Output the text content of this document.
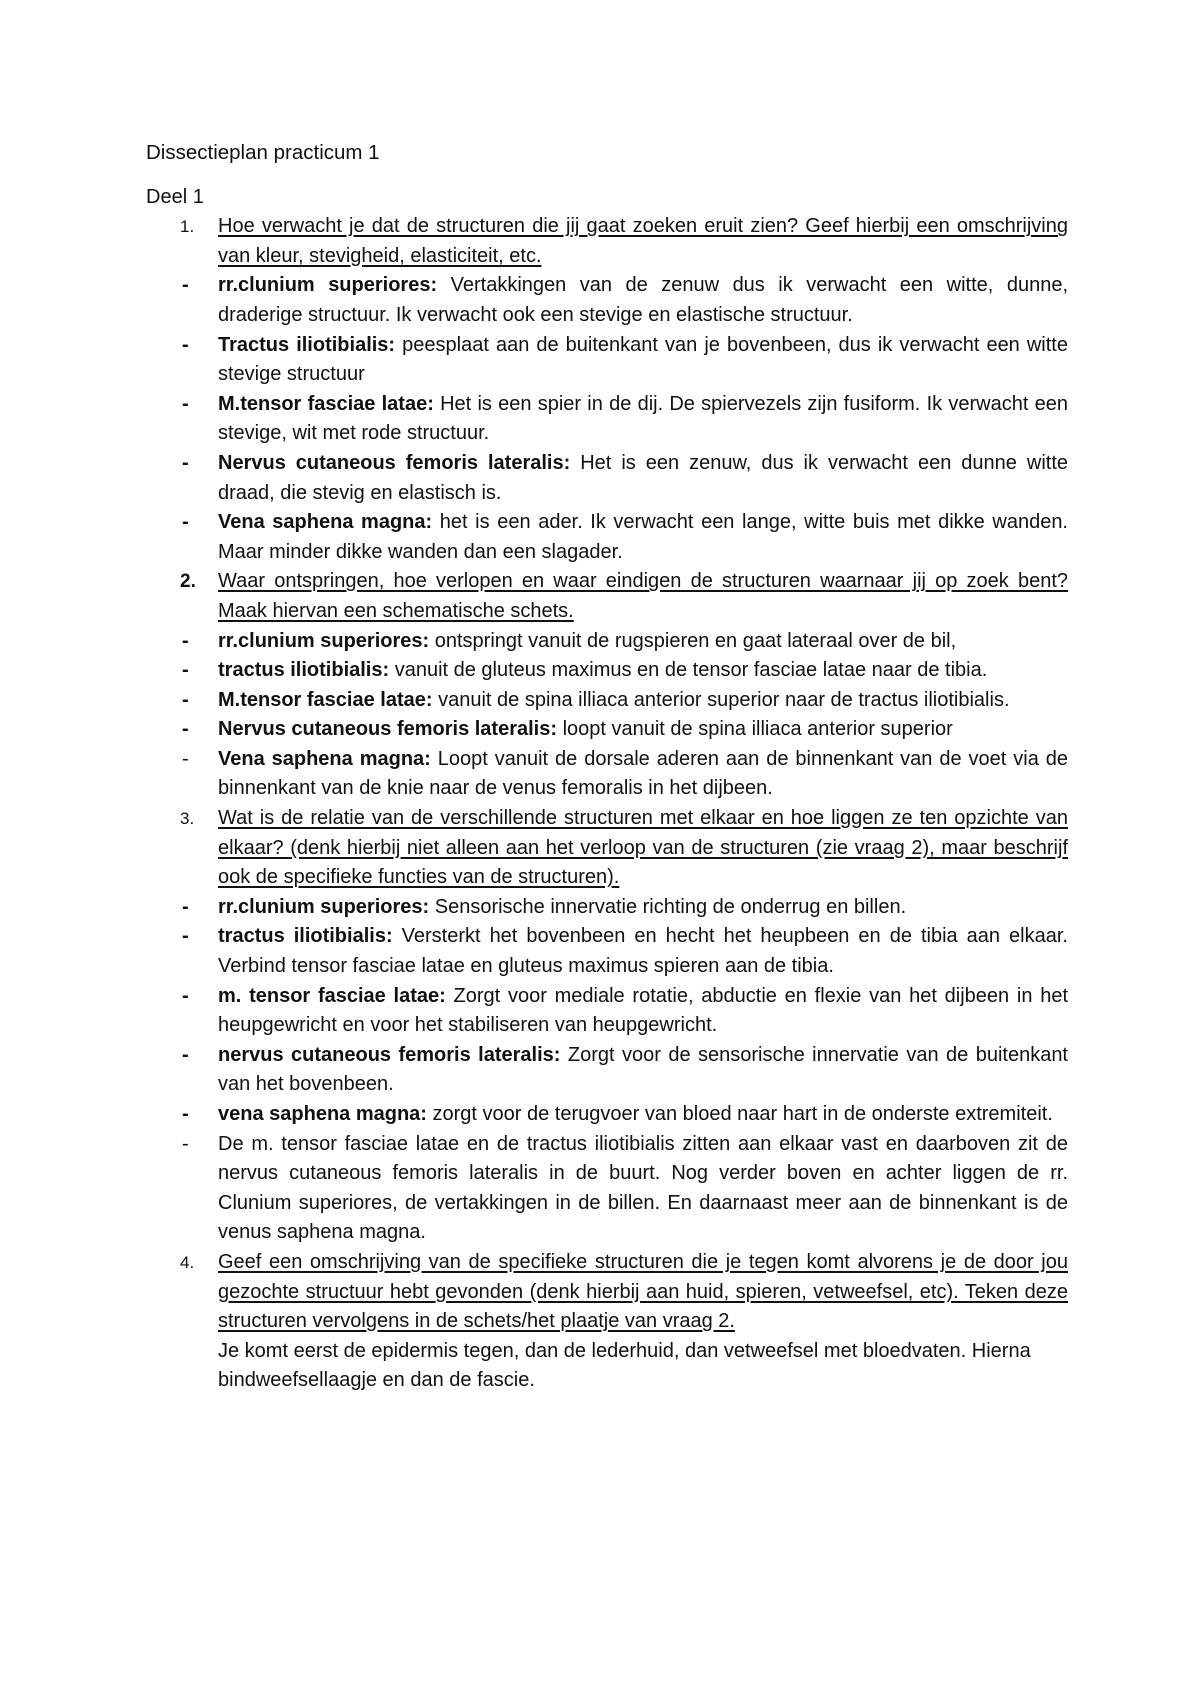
Dissectieplan practicum 1
Deel 1
1. Hoe verwacht je dat de structuren die jij gaat zoeken eruit zien? Geef hierbij een omschrijving van kleur, stevigheid, elasticiteit, etc.
- rr.clunium superiores: Vertakkingen van de zenuw dus ik verwacht een witte, dunne, draderige structuur. Ik verwacht ook een stevige en elastische structuur.
- Tractus iliotibialis: peesplaat aan de buitenkant van je bovenbeen, dus ik verwacht een witte stevige structuur
- M.tensor fasciae latae: Het is een spier in de dij. De spiervezels zijn fusiform. Ik verwacht een stevige, wit met rode structuur.
- Nervus cutaneous femoris lateralis: Het is een zenuw, dus ik verwacht een dunne witte draad, die stevig en elastisch is.
- Vena saphena magna: het is een ader. Ik verwacht een lange, witte buis met dikke wanden. Maar minder dikke wanden dan een slagader.
2. Waar ontspringen, hoe verlopen en waar eindigen de structuren waarnaar jij op zoek bent? Maak hiervan een schematische schets.
- rr.clunium superiores: ontspringt vanuit de rugspieren en gaat lateraal over de bil,
- tractus iliotibialis: vanuit de gluteus maximus en de tensor fasciae latae naar de tibia.
- M.tensor fasciae latae: vanuit de spina illiaca anterior superior naar de tractus iliotibialis.
- Nervus cutaneous femoris lateralis: loopt vanuit de spina illiaca anterior superior
- Vena saphena magna: Loopt vanuit de dorsale aderen aan de binnenkant van de voet via de binnenkant van de knie naar de venus femoralis in het dijbeen.
3. Wat is de relatie van de verschillende structuren met elkaar en hoe liggen ze ten opzichte van elkaar? (denk hierbij niet alleen aan het verloop van de structuren (zie vraag 2), maar beschrijf ook de specifieke functies van de structuren).
- rr.clunium superiores: Sensorische innervatie richting de onderrug en billen.
- tractus iliotibialis: Versterkt het bovenbeen en hecht het heupbeen en de tibia aan elkaar. Verbind tensor fasciae latae en gluteus maximus spieren aan de tibia.
- m. tensor fasciae latae: Zorgt voor mediale rotatie, abductie en flexie van het dijbeen in het heupgewricht en voor het stabiliseren van heupgewricht.
- nervus cutaneous femoris lateralis: Zorgt voor de sensorische innervatie van de buitenkant van het bovenbeen.
- vena saphena magna: zorgt voor de terugvoer van bloed naar hart in de onderste extremiteit.
- De m. tensor fasciae latae en de tractus iliotibialis zitten aan elkaar vast en daarboven zit de nervus cutaneous femoris lateralis in de buurt. Nog verder boven en achter liggen de rr. Clunium superiores, de vertakkingen in de billen. En daarnaast meer aan de binnenkant is de venus saphena magna.
4. Geef een omschrijving van de specifieke structuren die je tegen komt alvorens je de door jou gezochte structuur hebt gevonden (denk hierbij aan huid, spieren, vetweefsel, etc). Teken deze structuren vervolgens in de schets/het plaatje van vraag 2.
Je komt eerst de epidermis tegen, dan de lederhuid, dan vetweefsel met bloedvaten. Hierna bindweefsellaagje en dan de fascie.
